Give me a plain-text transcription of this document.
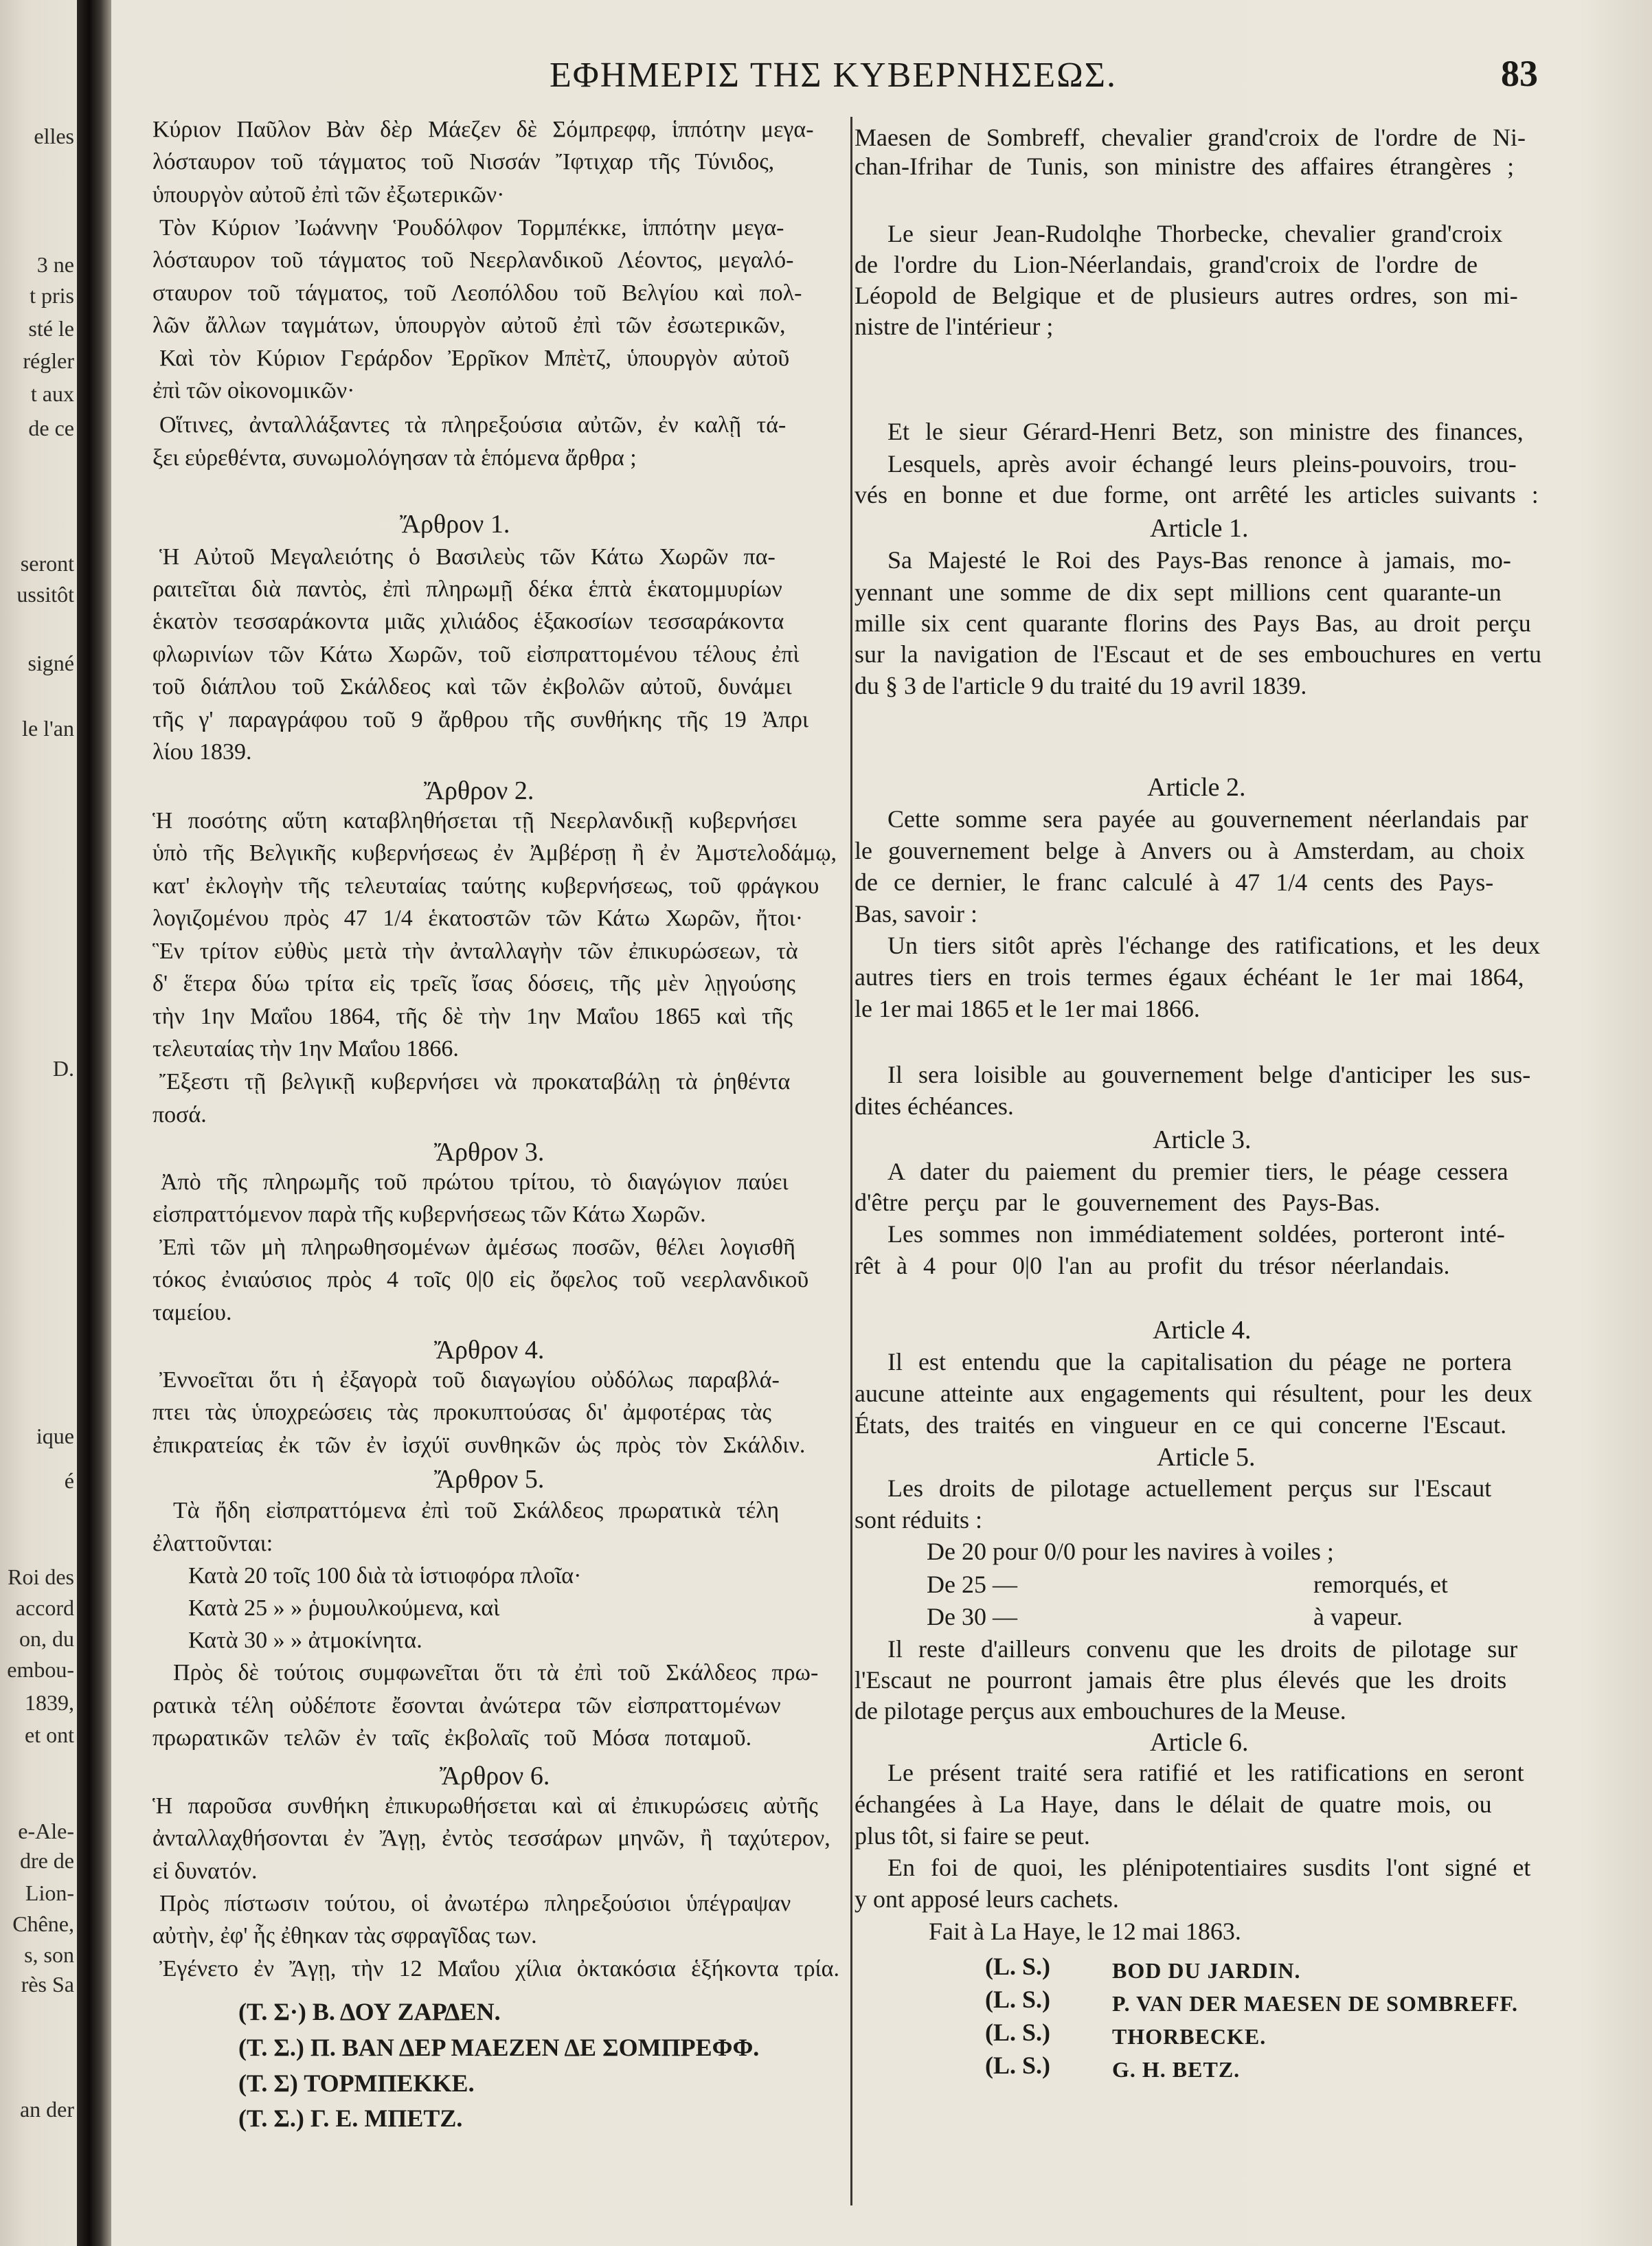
elles
3 ne
t pris
sté le
régler
t aux
de ce
seront
ussitôt
signé
le l'an
D.
ique
é
Roi des
accord
on, du
embou-
1839,
et ont
e-Ale-
dre de
Lion-
Chêne,
s, son
rès Sa
an der
ΕΦΗΜΕΡΙΣ ΤΗΣ ΚΥΒΕΡΝΗΣΕΩΣ.	83
Κύριον Παῦλον Βὰν δὲρ Μάεζεν δὲ Σόμπρεφφ, ἱππότην μεγα-
λόσταυρον τοῦ τάγματος τοῦ Νισσάν Ἴφτιχαρ τῆς Τύνιδος,
ὑπουργὸν αὐτοῦ ἐπὶ τῶν ἐξωτερικῶν·
Τὸν Κύριον Ἰωάννην Ῥουδόλφον Τορμπέκκε, ἱππότην μεγα-
λόσταυρον τοῦ τάγματος τοῦ Νεερλανδικοῦ Λέοντος, μεγαλό-
σταυρον τοῦ τάγματος, τοῦ Λεοπόλδου τοῦ Βελγίου καὶ πολ-
λῶν ἄλλων ταγμάτων, ὑπουργὸν αὐτοῦ ἐπὶ τῶν ἐσωτερικῶν,
Καὶ τὸν Κύριον Γεράρδον Ἐρρῖκον Μπὲτζ, ὑπουργὸν αὐτοῦ
ἐπὶ τῶν οἰκονομικῶν·
Οἵτινες, ἀνταλλάξαντες τὰ πληρεξούσια αὐτῶν, ἐν καλῇ τά-
ξει εὑρεθέντα, συνωμολόγησαν τὰ ἑπόμενα ἄρθρα ;
Ἄρθρον 1.
Ἡ Αὐτοῦ Μεγαλειότης ὁ Βασιλεὺς τῶν Κάτω Χωρῶν πα-
ραιτεῖται διὰ παντὸς, ἐπὶ πληρωμῇ δέκα ἑπτὰ ἑκατομμυρίων
ἑκατὸν τεσσαράκοντα μιᾶς χιλιάδος ἑξακοσίων τεσσαράκοντα
φλωρινίων τῶν Κάτω Χωρῶν, τοῦ εἰσπραττομένου τέλους ἐπὶ
τοῦ διάπλου τοῦ Σκάλδεος καὶ τῶν ἐκβολῶν αὐτοῦ, δυνάμει
τῆς γ' παραγράφου τοῦ 9 ἄρθρου τῆς συνθήκης τῆς 19 Ἀπρι
λίου 1839.
Ἄρθρον 2.
Ἡ ποσότης αὕτη καταβληθήσεται τῇ Νεερλανδικῇ κυβερνήσει
ὑπὸ τῆς Βελγικῆς κυβερνήσεως ἐν Ἀμβέρσῃ ἢ ἐν Ἀμστελοδάμῳ,
κατ' ἐκλογὴν τῆς τελευταίας ταύτης κυβερνήσεως, τοῦ φράγκου
λογιζομένου πρὸς 47 1/4 ἑκατοστῶν τῶν Κάτω Χωρῶν, ἤτοι·
Ἓν τρίτον εὐθὺς μετὰ τὴν ἀνταλλαγὴν τῶν ἐπικυρώσεων, τὰ
δ' ἕτερα δύω τρίτα εἰς τρεῖς ἴσας δόσεις, τῆς μὲν λῃγούσης
τὴν 1ην Μαΐου 1864, τῆς δὲ τὴν 1ην Μαΐου 1865 καὶ τῆς
τελευταίας τὴν 1ην Μαΐου 1866.
Ἔξεστι τῇ βελγικῇ κυβερνήσει νὰ προκαταβάλῃ τὰ ῥηθέντα
ποσά.
Ἄρθρον 3.
Ἀπὸ τῆς πληρωμῆς τοῦ πρώτου τρίτου, τὸ διαγώγιον παύει
εἰσπραττόμενον παρὰ τῆς κυβερνήσεως τῶν Κάτω Χωρῶν.
Ἐπὶ τῶν μὴ πληρωθησομένων ἀμέσως ποσῶν, θέλει λογισθῆ
τόκος ἐνιαύσιος πρὸς 4 τοῖς 0|0 εἰς ὄφελος τοῦ νεερλανδικοῦ
ταμείου.
Ἄρθρον 4.
Ἐννοεῖται ὅτι ἡ ἐξαγορὰ τοῦ διαγωγίου οὐδόλως παραβλά-
πτει τὰς ὑποχρεώσεις τὰς προκυπτούσας δι' ἀμφοτέρας τὰς
ἐπικρατείας ἐκ τῶν ἐν ἰσχύϊ συνθηκῶν ὡς πρὸς τὸν Σκάλδιν.
Ἄρθρον 5.
Τὰ ἤδη εἰσπραττόμενα ἐπὶ τοῦ Σκάλδεος πρωρατικὰ τέλη
ἐλαττοῦνται:
Κατὰ 20 τοῖς 100 διὰ τὰ ἱστιοφόρα πλοῖα·
Κατὰ 25 » » ῥυμουλκούμενα, καὶ
Κατὰ 30 » » ἀτμοκίνητα.
Πρὸς δὲ τούτοις συμφωνεῖται ὅτι τὰ ἐπὶ τοῦ Σκάλδεος πρω-
ρατικὰ τέλη οὐδέποτε ἔσονται ἀνώτερα τῶν εἰσπραττομένων
πρωρατικῶν τελῶν ἐν ταῖς ἐκβολαῖς τοῦ Μόσα ποταμοῦ.
Ἄρθρον 6.
Ἡ παροῦσα συνθήκη ἐπικυρωθήσεται καὶ αἱ ἐπικυρώσεις αὐτῆς
ἀνταλλαχθήσονται ἐν Ἄγῃ, ἐντὸς τεσσάρων μηνῶν, ἢ ταχύτερον,
εἰ δυνατόν.
Πρὸς πίστωσιν τούτου, οἱ ἀνωτέρω πληρεξούσιοι ὑπέγραψαν
αὐτὴν, ἐφ' ἧς ἐθηκαν τὰς σφραγῖδας των.
Ἐγένετο ἐν Ἄγῃ, τὴν 12 Μαΐου χίλια ὀκτακόσια ἑξήκοντα τρία.
(Τ. Σ·) Β. ΔΟΥ ΖΑΡΔΕΝ.
(Τ. Σ.) Π. ΒΑΝ ΔΕΡ ΜΑΕΖΕΝ ΔΕ ΣΟΜΠΡΕΦΦ.
(Τ. Σ) ΤΟΡΜΠΕΚΚΕ.
(Τ. Σ.) Γ. Ε. ΜΠΕΤΖ.
Maesen de Sombreff, chevalier grand'croix de l'ordre de Ni-
chan-Ifrihar de Tunis, son ministre des affaires étrangères ;
Le sieur Jean-Rudolqhe Thorbecke, chevalier grand'croix
de l'ordre du Lion-Néerlandais, grand'croix de l'ordre de
Léopold de Belgique et de plusieurs autres ordres, son mi-
nistre de l'intérieur ;
Et le sieur Gérard-Henri Betz, son ministre des finances,
Lesquels, après avoir échangé leurs pleins-pouvoirs, trou-
vés en bonne et due forme, ont arrêté les articles suivants :
Article 1.
Sa Majesté le Roi des Pays-Bas renonce à jamais, mo-
yennant une somme de dix sept millions cent quarante-un
mille six cent quarante florins des Pays Bas, au droit perçu
sur la navigation de l'Escaut et de ses embouchures en vertu
du § 3 de l'article 9 du traité du 19 avril 1839.
Article 2.
Cette somme sera payée au gouvernement néerlandais par
le gouvernement belge à Anvers ou à Amsterdam, au choix
de ce dernier, le franc calculé à 47 1/4 cents des Pays-
Bas, savoir :
Un tiers sitôt après l'échange des ratifications, et les deux
autres tiers en trois termes égaux échéant le 1er mai 1864,
le 1er mai 1865 et le 1er mai 1866.
Il sera loisible au gouvernement belge d'anticiper les sus-
dites échéances.
Article 3.
A dater du paiement du premier tiers, le péage cessera
d'être perçu par le gouvernement des Pays-Bas.
Les sommes non immédiatement soldées, porteront inté-
rêt à 4 pour 0|0 l'an au profit du trésor néerlandais.
Article 4.
Il est entendu que la capitalisation du péage ne portera
aucune atteinte aux engagements qui résultent, pour les deux
États, des traités en vingueur en ce qui concerne l'Escaut.
Article 5.
Les droits de pilotage actuellement perçus sur l'Escaut
sont réduits :
De 20 pour 0/0 pour les navires à voiles ;
De 25 —	remorqués, et
De 30 —	à vapeur.
Il reste d'ailleurs convenu que les droits de pilotage sur
l'Escaut ne pourront jamais être plus élevés que les droits
de pilotage perçus aux embouchures de la Meuse.
Article 6.
Le présent traité sera ratifié et les ratifications en seront
échangées à La Haye, dans le délait de quatre mois, ou
plus tôt, si faire se peut.
En foi de quoi, les plénipotentiaires susdits l'ont signé et
y ont apposé leurs cachets.
Fait à La Haye, le 12 mai 1863.
(L. S.)	BOD DU JARDIN.
(L. S.)	P. VAN DER MAESEN DE SOMBREFF.
(L. S.)	THORBECKE.
(L. S.)	G. H. BETZ.
